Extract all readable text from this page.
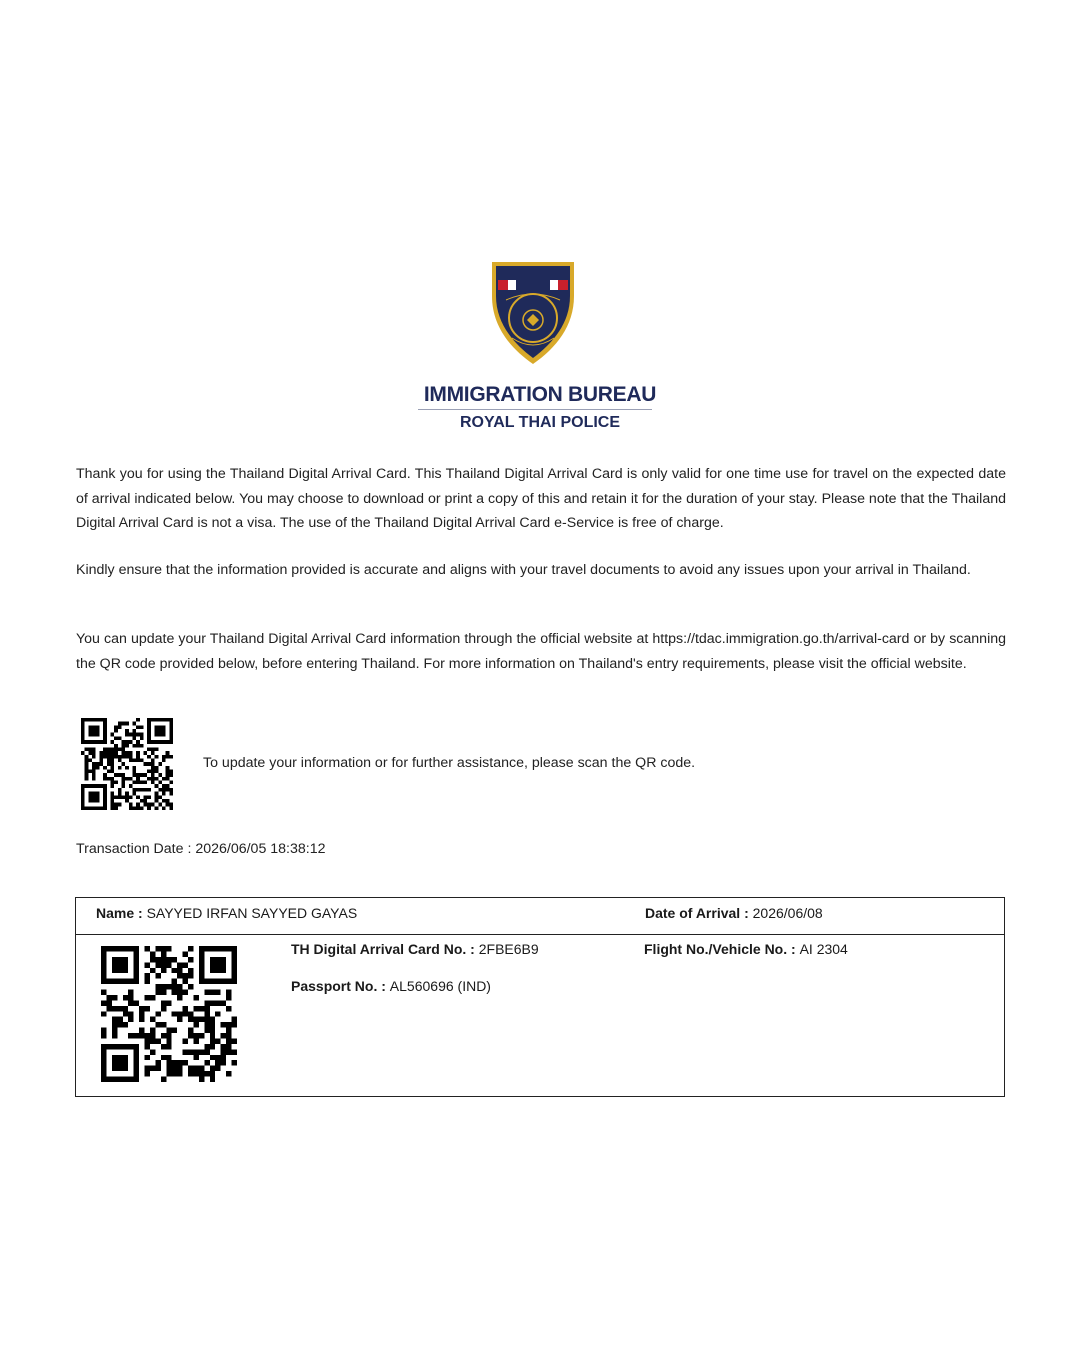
IMMIGRATION BUREAU
ROYAL THAI POLICE
Thank you for using the Thailand Digital Arrival Card. This Thailand Digital Arrival Card is only valid for one time use for travel on the expected date of arrival indicated below. You may choose to download or print a copy of this and retain it for the duration of your stay. Please note that the Thailand Digital Arrival Card is not a visa. The use of the Thailand Digital Arrival Card e-Service is free of charge.
Kindly ensure that the information provided is accurate and aligns with your travel documents to avoid any issues upon your arrival in Thailand.
You can update your Thailand Digital Arrival Card information through the official website at https://tdac.immigration.go.th/arrival-card or by scanning the QR code provided below, before entering Thailand. For more information on Thailand's entry requirements, please visit the official website.
To update your information or for further assistance, please scan the QR code.
Transaction Date : 2026/06/05 18:38:12
Name : SAYYED IRFAN SAYYED GAYAS	Date of Arrival : 2026/06/08
TH Digital Arrival Card No. : 2FBE6B9	Flight No./Vehicle No. : AI 2304
Passport No. : AL560696 (IND)
